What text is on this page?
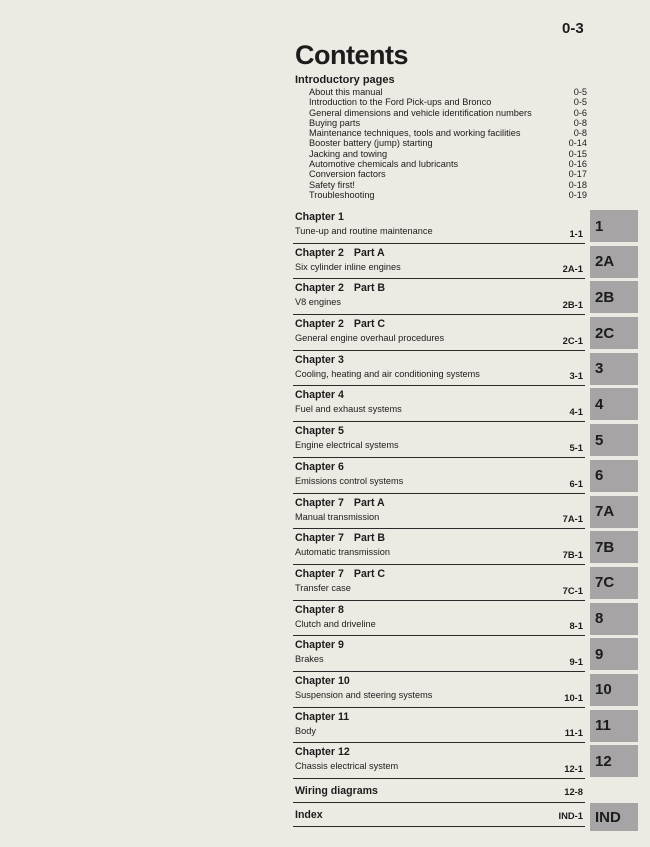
0-3
Contents
Introductory pages
About this manual	0-5
Introduction to the Ford Pick-ups and Bronco	0-5
General dimensions and vehicle identification numbers	0-6
Buying parts	0-8
Maintenance techniques, tools and working facilities	0-8
Booster battery (jump) starting	0-14
Jacking and towing	0-15
Automotive chemicals and lubricants	0-16
Conversion factors	0-17
Safety first!	0-18
Troubleshooting	0-19
Chapter 1
Tune-up and routine maintenance	1-1
Chapter 2 Part A
Six cylinder inline engines	2A-1
Chapter 2 Part B
V8 engines	2B-1
Chapter 2 Part C
General engine overhaul procedures	2C-1
Chapter 3
Cooling, heating and air conditioning systems	3-1
Chapter 4
Fuel and exhaust systems	4-1
Chapter 5
Engine electrical systems	5-1
Chapter 6
Emissions control systems	6-1
Chapter 7 Part A
Manual transmission	7A-1
Chapter 7 Part B
Automatic transmission	7B-1
Chapter 7 Part C
Transfer case	7C-1
Chapter 8
Clutch and driveline	8-1
Chapter 9
Brakes	9-1
Chapter 10
Suspension and steering systems	10-1
Chapter 11
Body	11-1
Chapter 12
Chassis electrical system	12-1
Wiring diagrams	12-8
Index	IND-1
1
2A
2B
2C
3
4
5
6
7A
7B
7C
8
9
10
11
12
IND
